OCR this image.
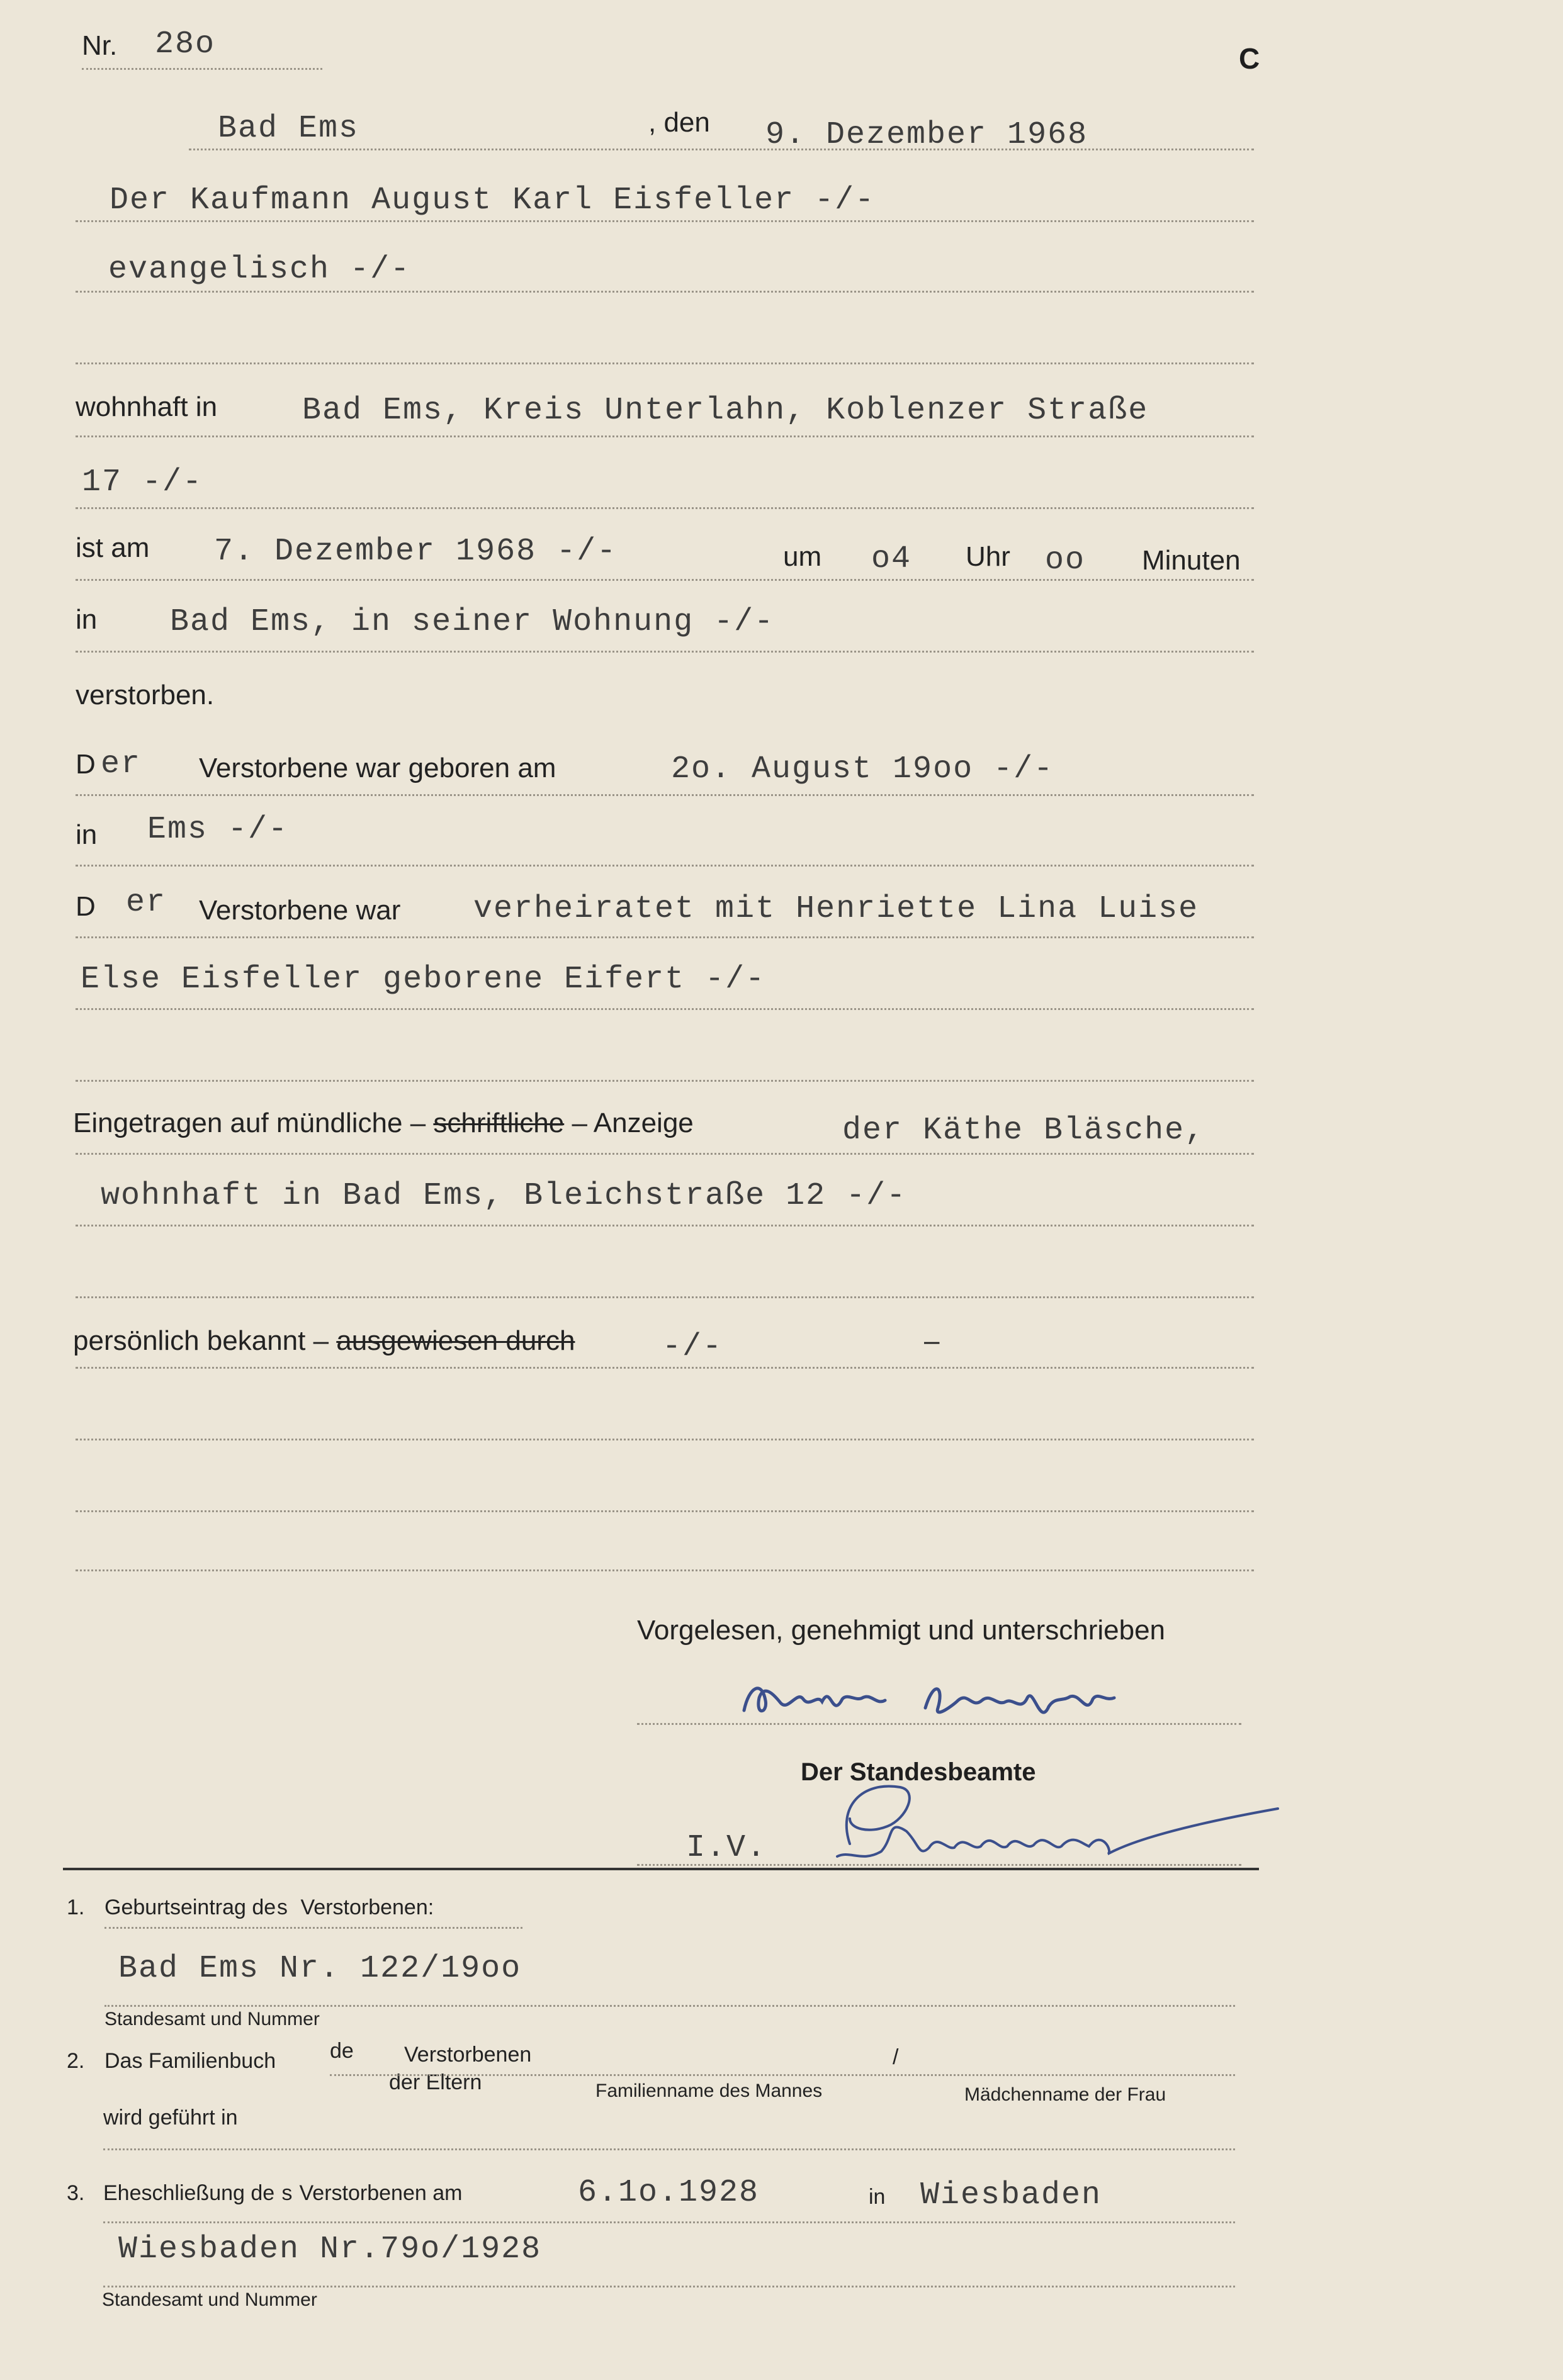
Nr. 28o	C
Bad Ems	, den 9. Dezember 1968
Der Kaufmann August Karl Eisfeller -/-
evangelisch -/-
wohnhaft in	Bad Ems, Kreis Unterlahn, Koblenzer Straße
17 -/-
ist am 7. Dezember 1968 -/-	um o4 Uhr oo Minuten
in Bad Ems, in seiner Wohnung -/-
verstorben.
D er Verstorbene war geboren am	2o. August 19oo -/-
in Ems -/-
D er Verstorbene war verheiratet mit Henriette Lina Luise
Else Eisfeller geborene Eifert -/-
Eingetragen auf mündliche – schriftliche – Anzeige	der Käthe Bläsche,
wohnhaft in Bad Ems, Bleichstraße 12 -/-
persönlich bekannt – ausgewiesen durch	-/-	–
Vorgelesen, genehmigt und unterschrieben
Der Standesbeamte
I.V.
1. Geburtseintrag des Verstorbenen:
Bad Ems Nr. 122/19oo
Standesamt und Nummer
2. Das Familienbuch	de Verstorbenen
der Eltern
/
Familienname des Mannes	Mädchenname der Frau
wird geführt in
3. Eheschließung de s Verstorbenen am	6.1o.1928	in Wiesbaden
Wiesbaden Nr.79o/1928
Standesamt und Nummer
